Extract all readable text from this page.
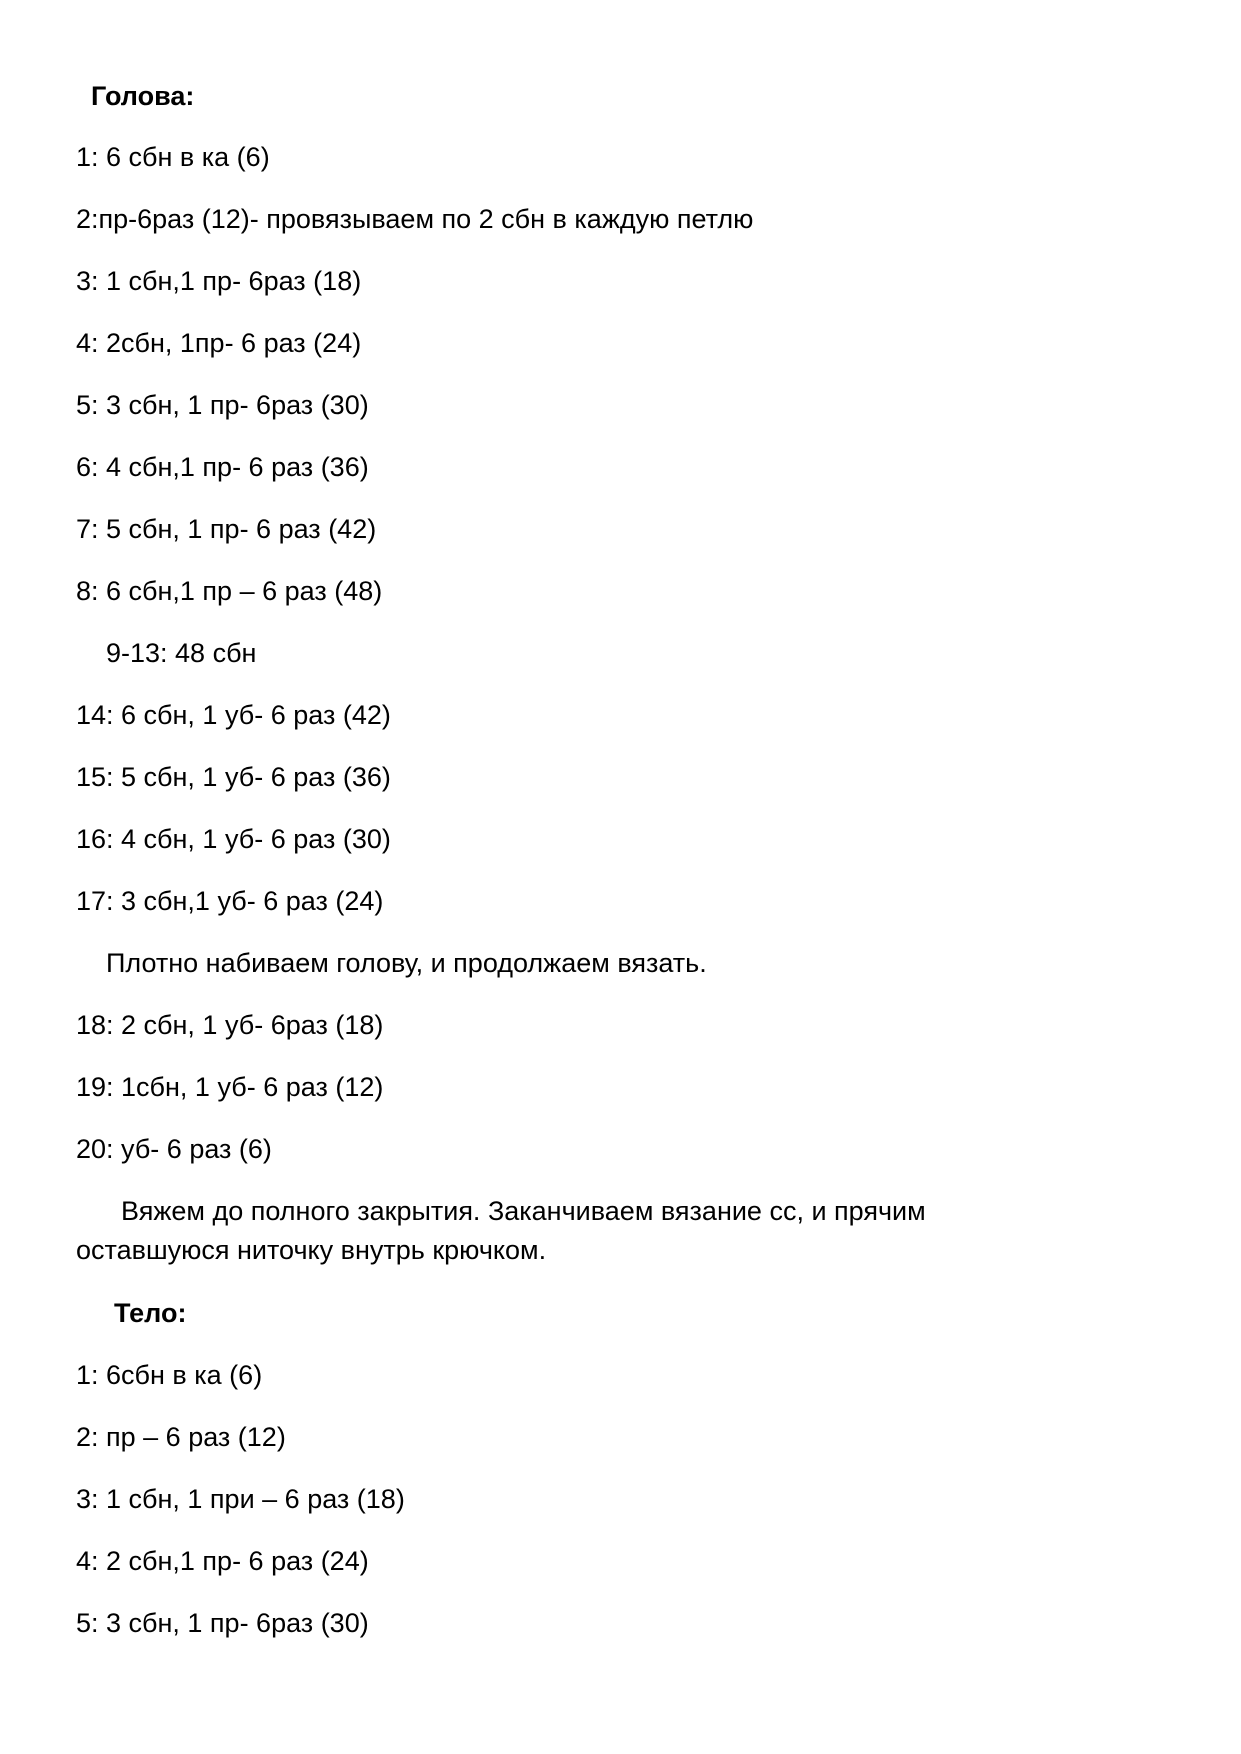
Голова:
1: 6 сбн в ка (6)
2:пр-6раз (12)- провязываем по 2 сбн в каждую петлю
3: 1 сбн,1 пр- 6раз (18)
4: 2сбн, 1пр- 6 раз (24)
5: 3 сбн, 1 пр- 6раз (30)
6: 4 сбн,1 пр- 6 раз (36)
7: 5 сбн, 1 пр- 6 раз (42)
8: 6 сбн,1 пр – 6 раз (48)
9-13: 48 сбн
14: 6 сбн, 1 уб- 6 раз (42)
15: 5 сбн, 1 уб- 6 раз (36)
16: 4 сбн, 1 уб- 6 раз (30)
17: 3 сбн,1 уб- 6 раз (24)
Плотно набиваем голову, и продолжаем вязать.
18: 2 сбн, 1 уб- 6раз (18)
19: 1сбн, 1 уб- 6 раз (12)
20: уб- 6 раз (6)
Вяжем до полного закрытия. Заканчиваем вязание сс, и прячим
оставшуюся ниточку внутрь крючком.
Тело:
1: 6сбн в ка (6)
2: пр – 6 раз (12)
3: 1 сбн, 1 при – 6 раз (18)
4: 2 сбн,1 пр- 6 раз (24)
5: 3 сбн, 1 пр- 6раз (30)
